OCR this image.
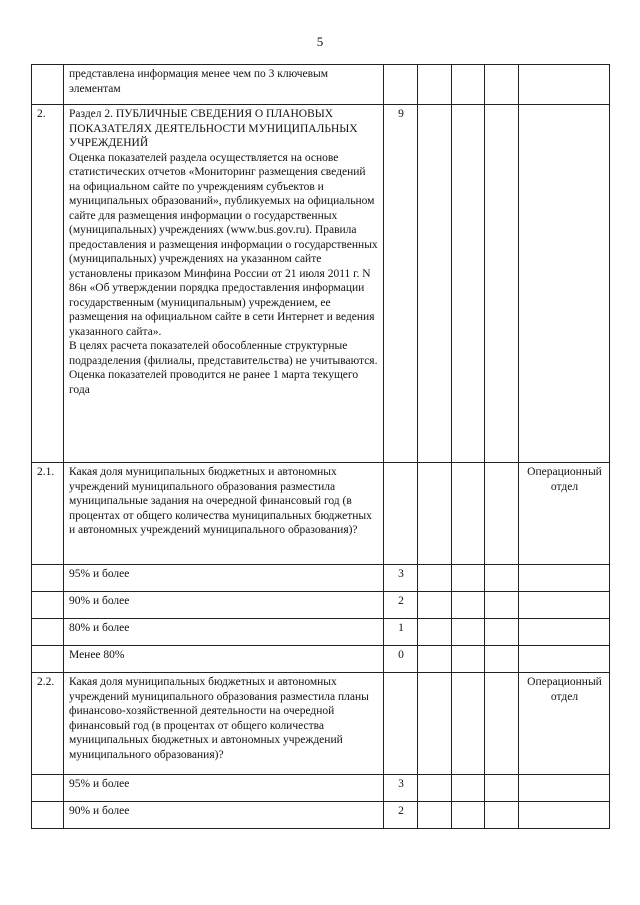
5
	представлена информация менее чем по 3 ключевым элементам					
2.	Раздел 2. ПУБЛИЧНЫЕ СВЕДЕНИЯ О ПЛАНОВЫХ ПОКАЗАТЕЛЯХ ДЕЯТЕЛЬНОСТИ МУНИЦИПАЛЬНЫХ УЧРЕЖДЕНИЙ
Оценка показателей раздела осуществляется на основе статистических отчетов «Мониторинг размещения сведений на официальном сайте по учреждениям субъектов и муниципальных образований», публикуемых на официальном сайте для размещения информации о государственных (муниципальных) учреждениях (www.bus.gov.ru). Правила предоставления и размещения информации о государственных (муниципальных) учреждениях на указанном сайте установлены приказом Минфина России от 21 июля 2011 г. N 86н «Об утверждении порядка предоставления информации государственным (муниципальным) учреждением, ее размещения на официальном сайте в сети Интернет и ведения указанного сайта».
В целях расчета показателей обособленные структурные подразделения (филиалы, представительства) не учитываются.
Оценка показателей проводится не ранее 1 марта текущего года	9				
2.1.	Какая доля муниципальных бюджетных и автономных учреждений муниципального образования разместила муниципальные задания на очередной финансовый год (в процентах от общего количества муниципальных бюджетных и автономных учреждений муниципального образования)?					Операционный отдел
	95% и более	3				
	90% и более	2				
	80% и более	1				
	Менее 80%	0				
2.2.	Какая доля муниципальных бюджетных и автономных учреждений муниципального образования разместила планы финансово-хозяйственной деятельности на очередной финансовый год (в процентах от общего количества муниципальных бюджетных и автономных учреждений муниципального образования)?					Операционный отдел
	95% и более	3				
	90% и более	2				
